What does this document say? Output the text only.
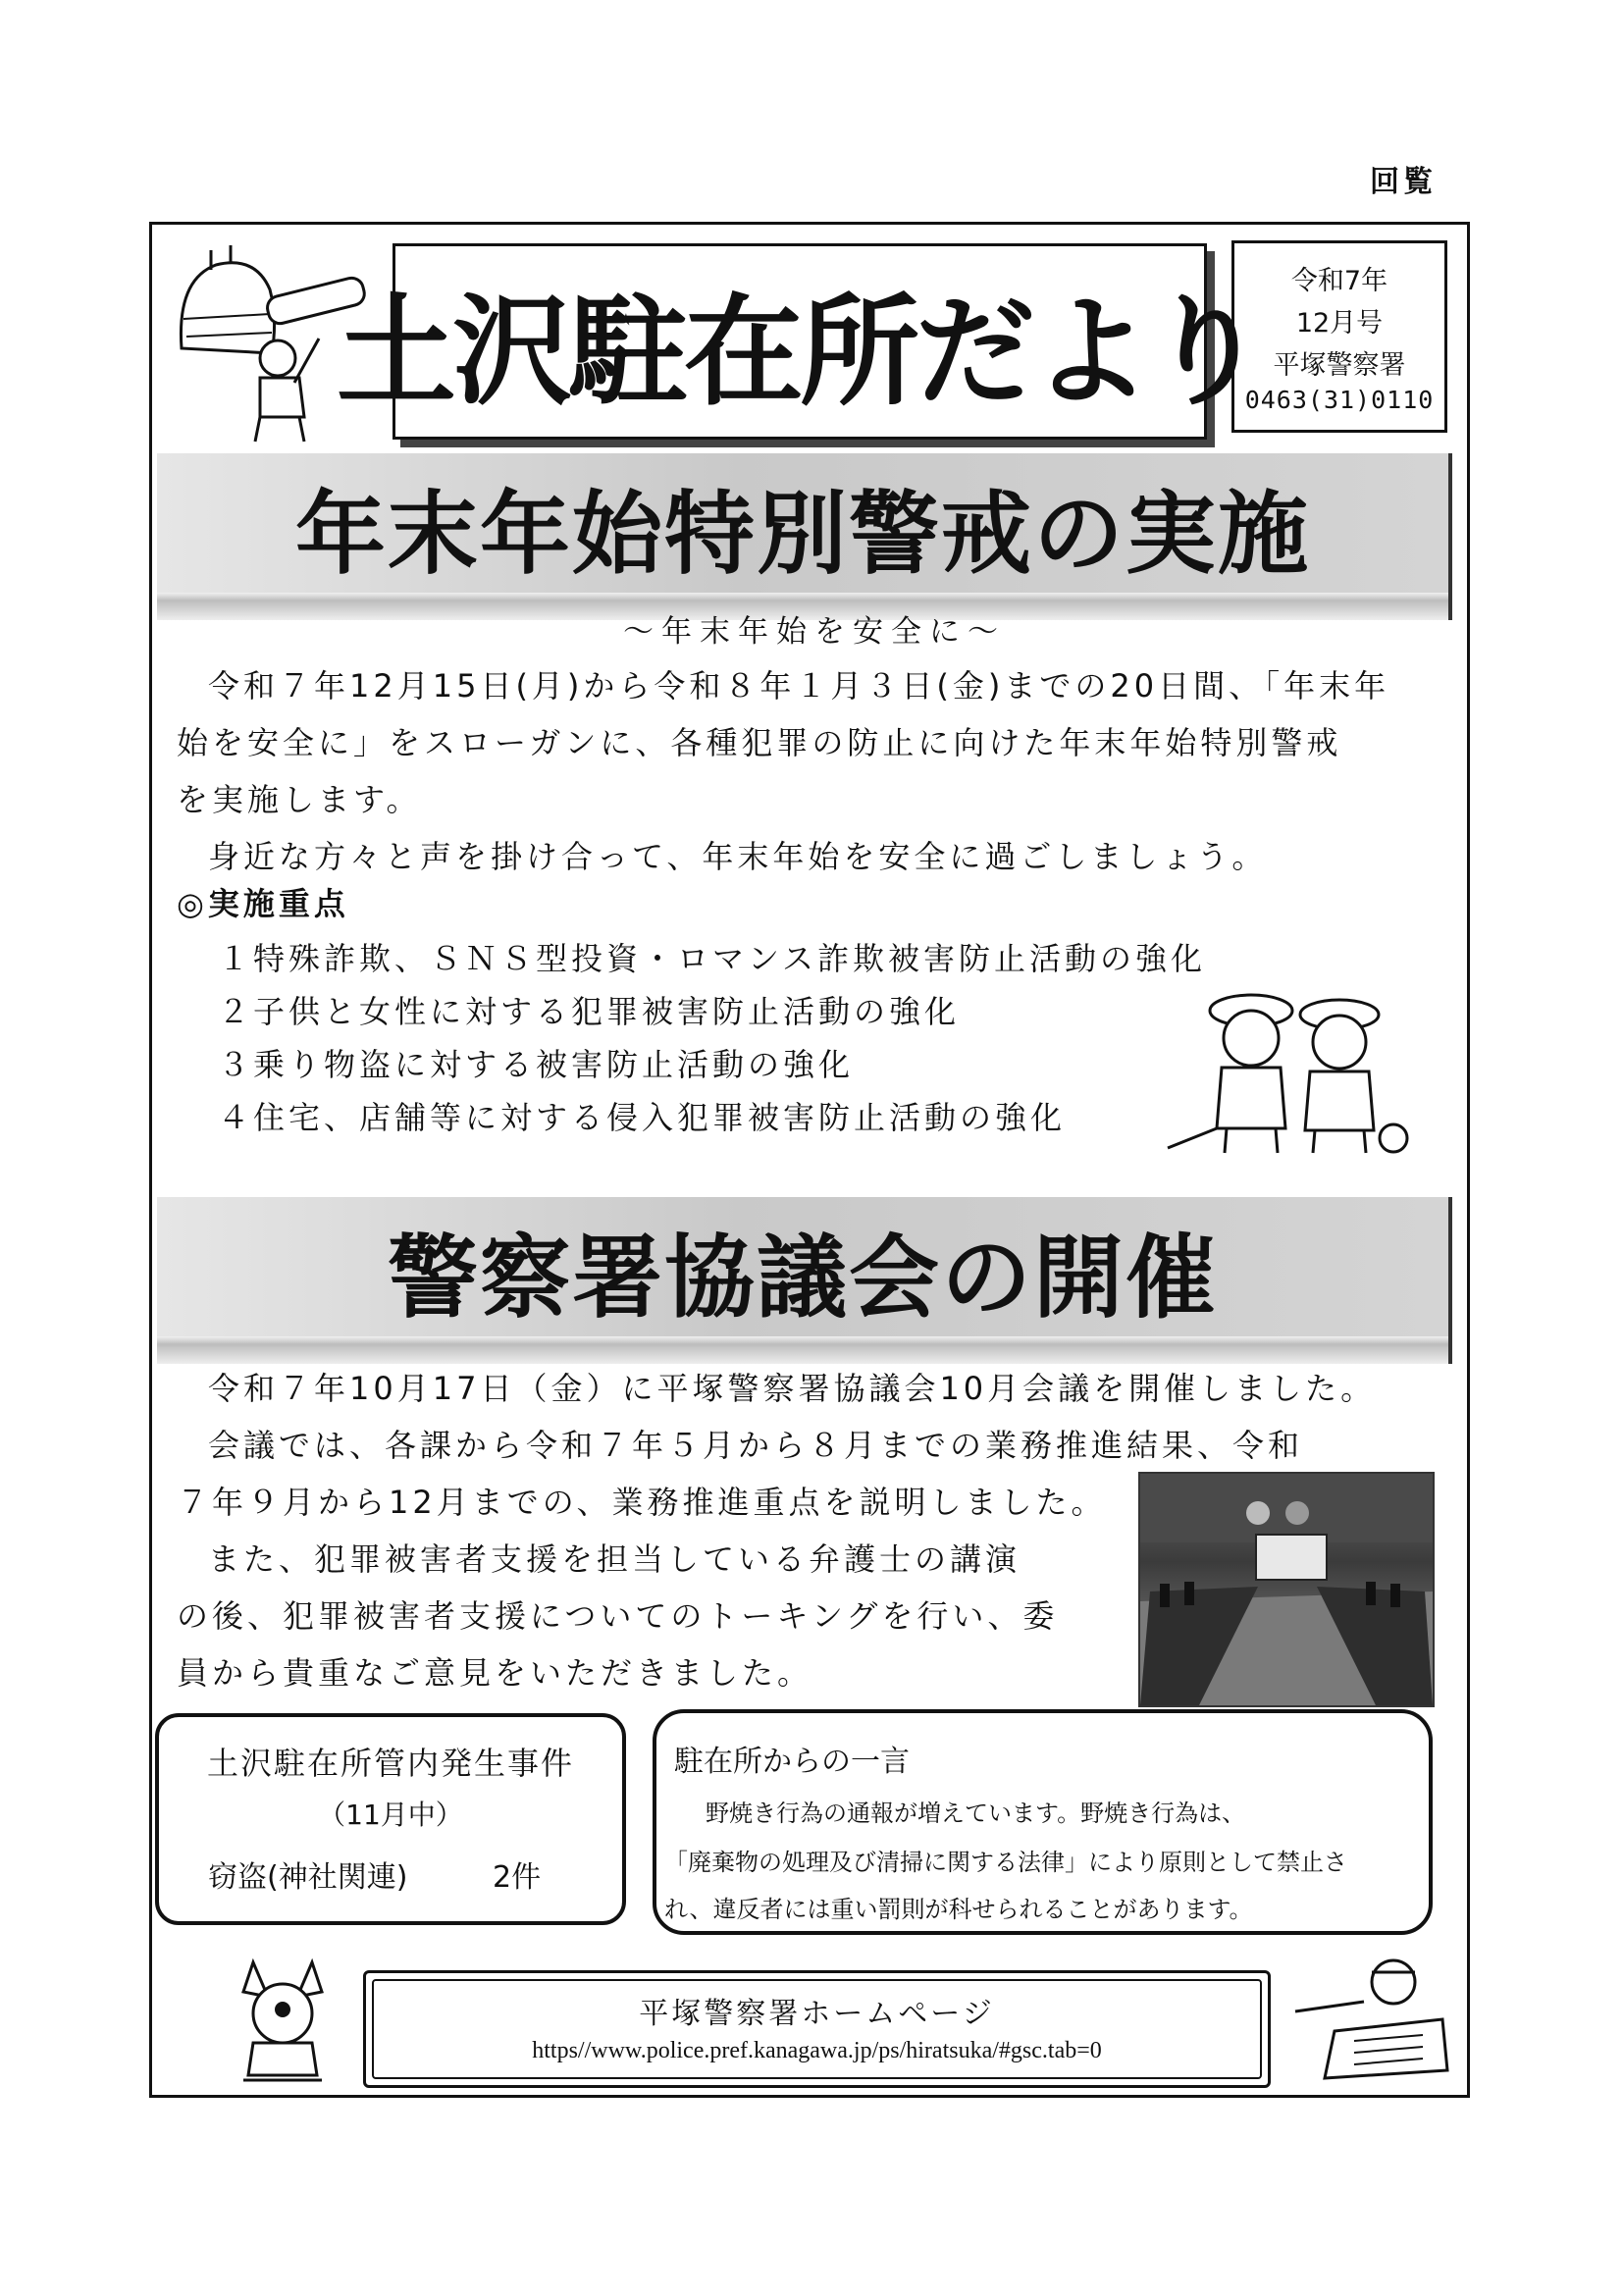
回覧
土沢駐在所だより
令和7年
12月号
平塚警察署
0463(31)0110
年末年始特別警戒の実施
～年末年始を安全に～
令和７年12月15日(月)から令和８年１月３日(金)までの20日間、「年末年
始を安全に」をスローガンに、各種犯罪の防止に向けた年末年始特別警戒
を実施します。
身近な方々と声を掛け合って、年末年始を安全に過ごしましょう。
◎実施重点
１特殊詐欺、ＳＮＳ型投資・ロマンス詐欺被害防止活動の強化
２子供と女性に対する犯罪被害防止活動の強化
３乗り物盗に対する被害防止活動の強化
４住宅、店舗等に対する侵入犯罪被害防止活動の強化
警察署協議会の開催
令和７年10月17日（金）に平塚警察署協議会10月会議を開催しました。
会議では、各課から令和７年５月から８月までの業務推進結果、令和
７年９月から12月までの、業務推進重点を説明しました。
また、犯罪被害者支援を担当している弁護士の講演
の後、犯罪被害者支援についてのトーキングを行い、委
員から貴重なご意見をいただきました。
土沢駐在所管内発生事件
（11月中）
窃盗(神社関連)	2件
駐在所からの一言
野焼き行為の通報が増えています。野焼き行為は、
「廃棄物の処理及び清掃に関する法律」により原則として禁止さ
れ、違反者には重い罰則が科せられることがあります。
平塚警察署ホームページ
https//www.police.pref.kanagawa.jp/ps/hiratsuka/#gsc.tab=0
